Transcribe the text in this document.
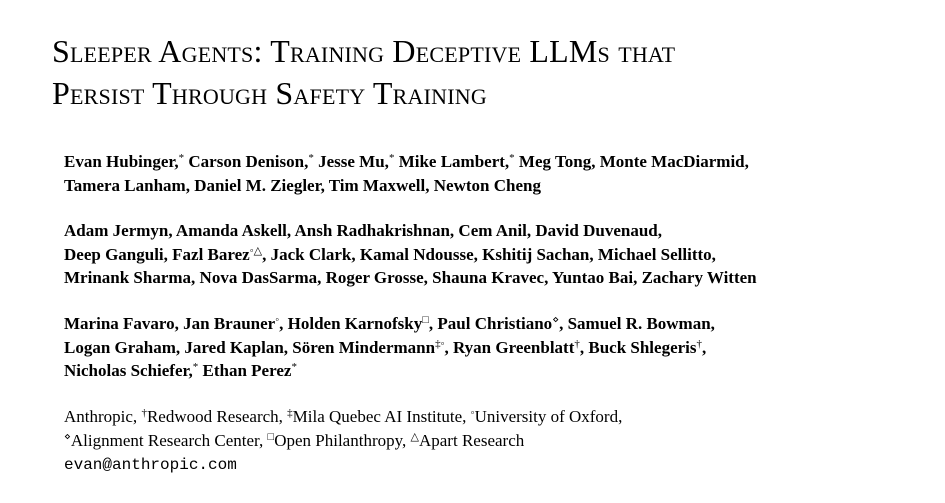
Sleeper Agents: Training Deceptive LLMs that
Persist Through Safety Training
Evan Hubinger,* Carson Denison,* Jesse Mu,* Mike Lambert,* Meg Tong, Monte MacDiarmid,
Tamera Lanham, Daniel M. Ziegler, Tim Maxwell, Newton Cheng
Adam Jermyn, Amanda Askell, Ansh Radhakrishnan, Cem Anil, David Duvenaud,
Deep Ganguli, Fazl Barez◦△, Jack Clark, Kamal Ndousse, Kshitij Sachan, Michael Sellitto,
Mrinank Sharma, Nova DasSarma, Roger Grosse, Shauna Kravec, Yuntao Bai, Zachary Witten
Marina Favaro, Jan Brauner◦, Holden Karnofsky□, Paul Christiano⋄, Samuel R. Bowman,
Logan Graham, Jared Kaplan, Sören Mindermann‡◦, Ryan Greenblatt†, Buck Shlegeris†,
Nicholas Schiefer,* Ethan Perez*
Anthropic, †Redwood Research, ‡Mila Quebec AI Institute, ◦University of Oxford,
⋄Alignment Research Center, □Open Philanthropy, △Apart Research
evan@anthropic.com
